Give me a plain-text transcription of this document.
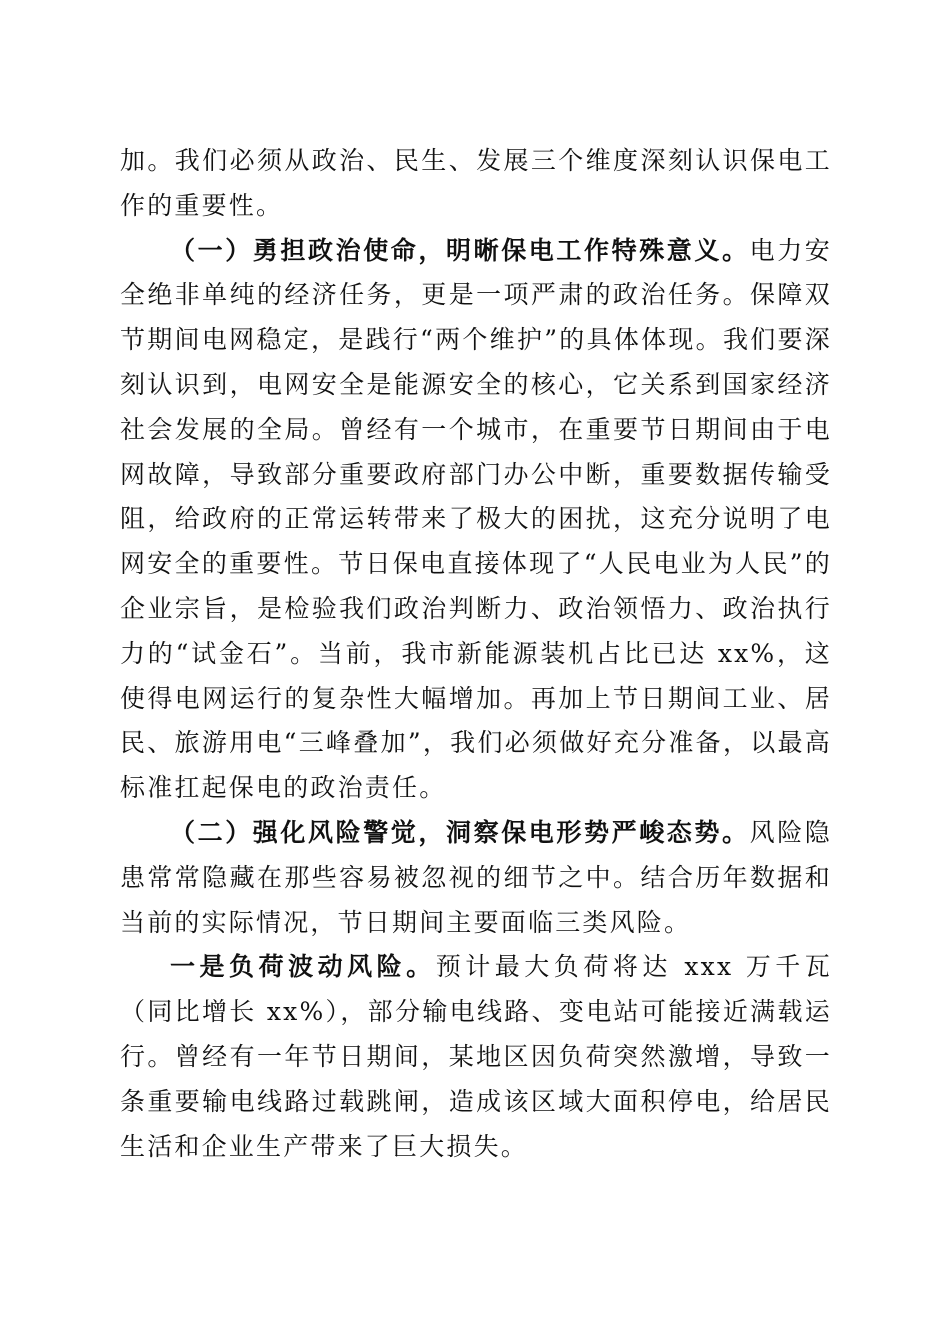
加。我们必须从政治、民生、发展三个维度深刻认识保电工作的重要性。

（一）勇担政治使命，明晰保电工作特殊意义。电力安全绝非单纯的经济任务，更是一项严肃的政治任务。保障双节期间电网稳定，是践行“两个维护”的具体体现。我们要深刻认识到，电网安全是能源安全的核心，它关系到国家经济社会发展的全局。曾经有一个城市，在重要节日期间由于电网故障，导致部分重要政府部门办公中断，重要数据传输受阻，给政府的正常运转带来了极大的困扰，这充分说明了电网安全的重要性。节日保电直接体现了“人民电业为人民”的企业宗旨，是检验我们政治判断力、政治领悟力、政治执行力的“试金石”。当前，我市新能源装机占比已达 xx%，这使得电网运行的复杂性大幅增加。再加上节日期间工业、居民、旅游用电“三峰叠加”，我们必须做好充分准备，以最高标准扛起保电的政治责任。

（二）强化风险警觉，洞察保电形势严峻态势。风险隐患常常隐藏在那些容易被忽视的细节之中。结合历年数据和当前的实际情况，节日期间主要面临三类风险。

一是负荷波动风险。预计最大负荷将达 xxx 万千瓦（同比增长 xx%），部分输电线路、变电站可能接近满载运行。曾经有一年节日期间，某地区因负荷突然激增，导致一条重要输电线路过载跳闸，造成该区域大面积停电，给居民生活和企业生产带来了巨大损失。
